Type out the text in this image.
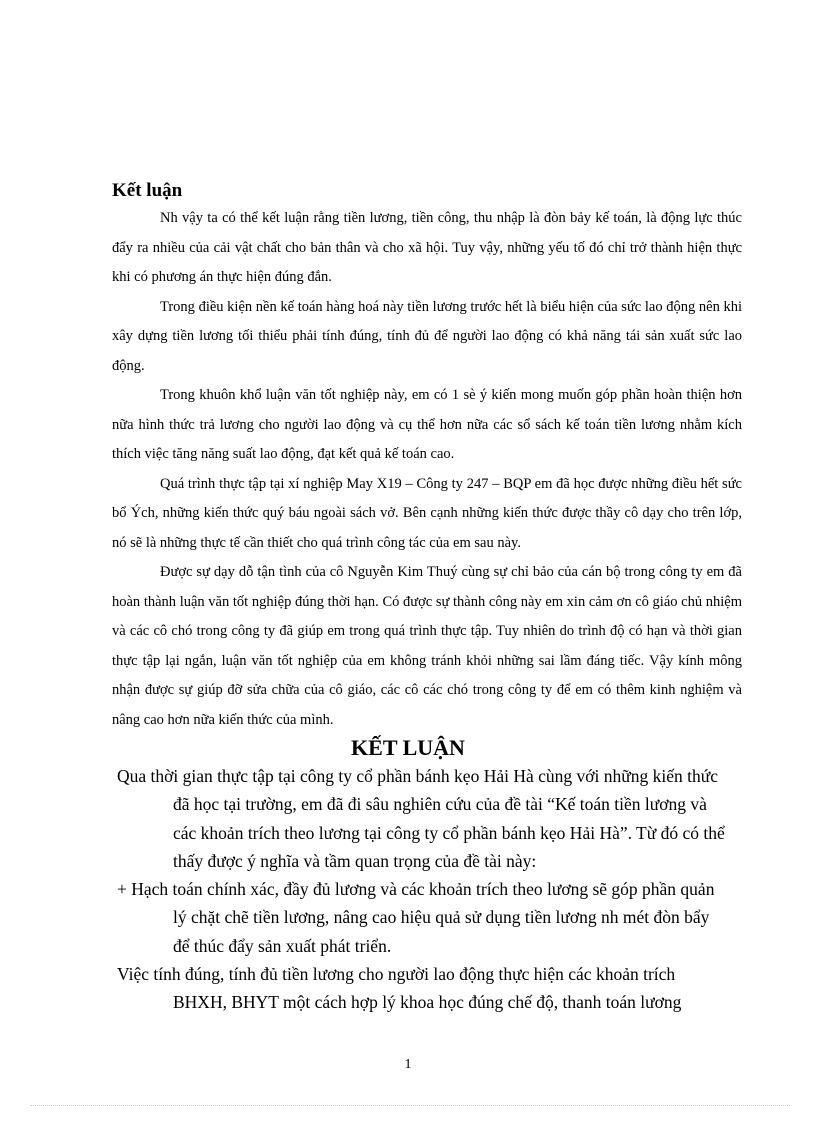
Kết luận

Nh vậy ta có thể kết luận rằng tiền lương, tiền công, thu nhập là đòn bảy kế toán, là động lực thúc đẩy ra nhiều của cải vật chất cho bản thân và cho xã hội. Tuy vậy, những yếu tố đó chỉ trở thành hiện thực khi có phương án thực hiện đúng đắn.

Trong điều kiện nền kế toán hàng hoá này tiền lương trước hết là biểu hiện của sức lao động nên khi xây dựng tiền lương tối thiểu phải tính đúng, tính đủ để người lao động có khả năng tái sản xuất sức lao động.

Trong khuôn khổ luận văn tốt nghiệp này, em có 1 sè ý kiến mong muốn góp phần hoàn thiện hơn nữa hình thức trả lương cho người lao động và cụ thể hơn nữa các sổ sách kế toán tiền lương nhằm kích thích việc tăng năng suất lao động, đạt kết quả kế toán cao.

Quá trình thực tập tại xí nghiệp May X19 – Công ty 247 – BQP em đã học được những điều hết sức bổ Ých, những kiến thức quý báu ngoài sách vở. Bên cạnh những kiến thức được thầy cô dạy cho trên lớp, nó sẽ là những thực tế cần thiết cho quá trình công tác của em sau này.

Được sự dạy dỗ tận tình của cô Nguyễn Kim Thuý cùng sự chỉ bảo của cán bộ trong công ty em đã hoàn thành luận văn tốt nghiệp đúng thời hạn. Có được sự thành công này em xin cảm ơn cô giáo chủ nhiệm và các cô chó trong công ty đã giúp em trong quá trình thực tập. Tuy nhiên do trình độ có hạn và thời gian thực tập lại ngắn, luận văn tốt nghiệp của em không tránh khỏi những sai lầm đáng tiếc. Vậy kính mông nhận được sự giúp đỡ sửa chữa của cô giáo, các cô các chó trong công ty để em có thêm kinh nghiệm và nâng cao hơn nữa kiến thức của mình.

KẾT LUẬN

Qua thời gian thực tập tại công ty cổ phần bánh kẹo Hải Hà cùng với những kiến thức đã học tại trường, em đã đi sâu nghiên cứu của đề tài “Kế toán tiền lương và các khoản trích theo lương tại công ty cổ phần bánh kẹo Hải Hà”. Từ đó có thể thấy được ý nghĩa và tầm quan trọng của đề tài này:

+ Hạch toán chính xác, đầy đủ lương và các khoản trích theo lương sẽ góp phần quản lý chặt chẽ tiền lương, nâng cao hiệu quả sử dụng tiền lương nh mét đòn bẩy để thúc đẩy sản xuất phát triển.

Việc tính đúng, tính đủ tiền lương cho người lao động thực hiện các khoản trích BHXH, BHYT một cách hợp lý khoa học đúng chế độ, thanh toán lương

1
